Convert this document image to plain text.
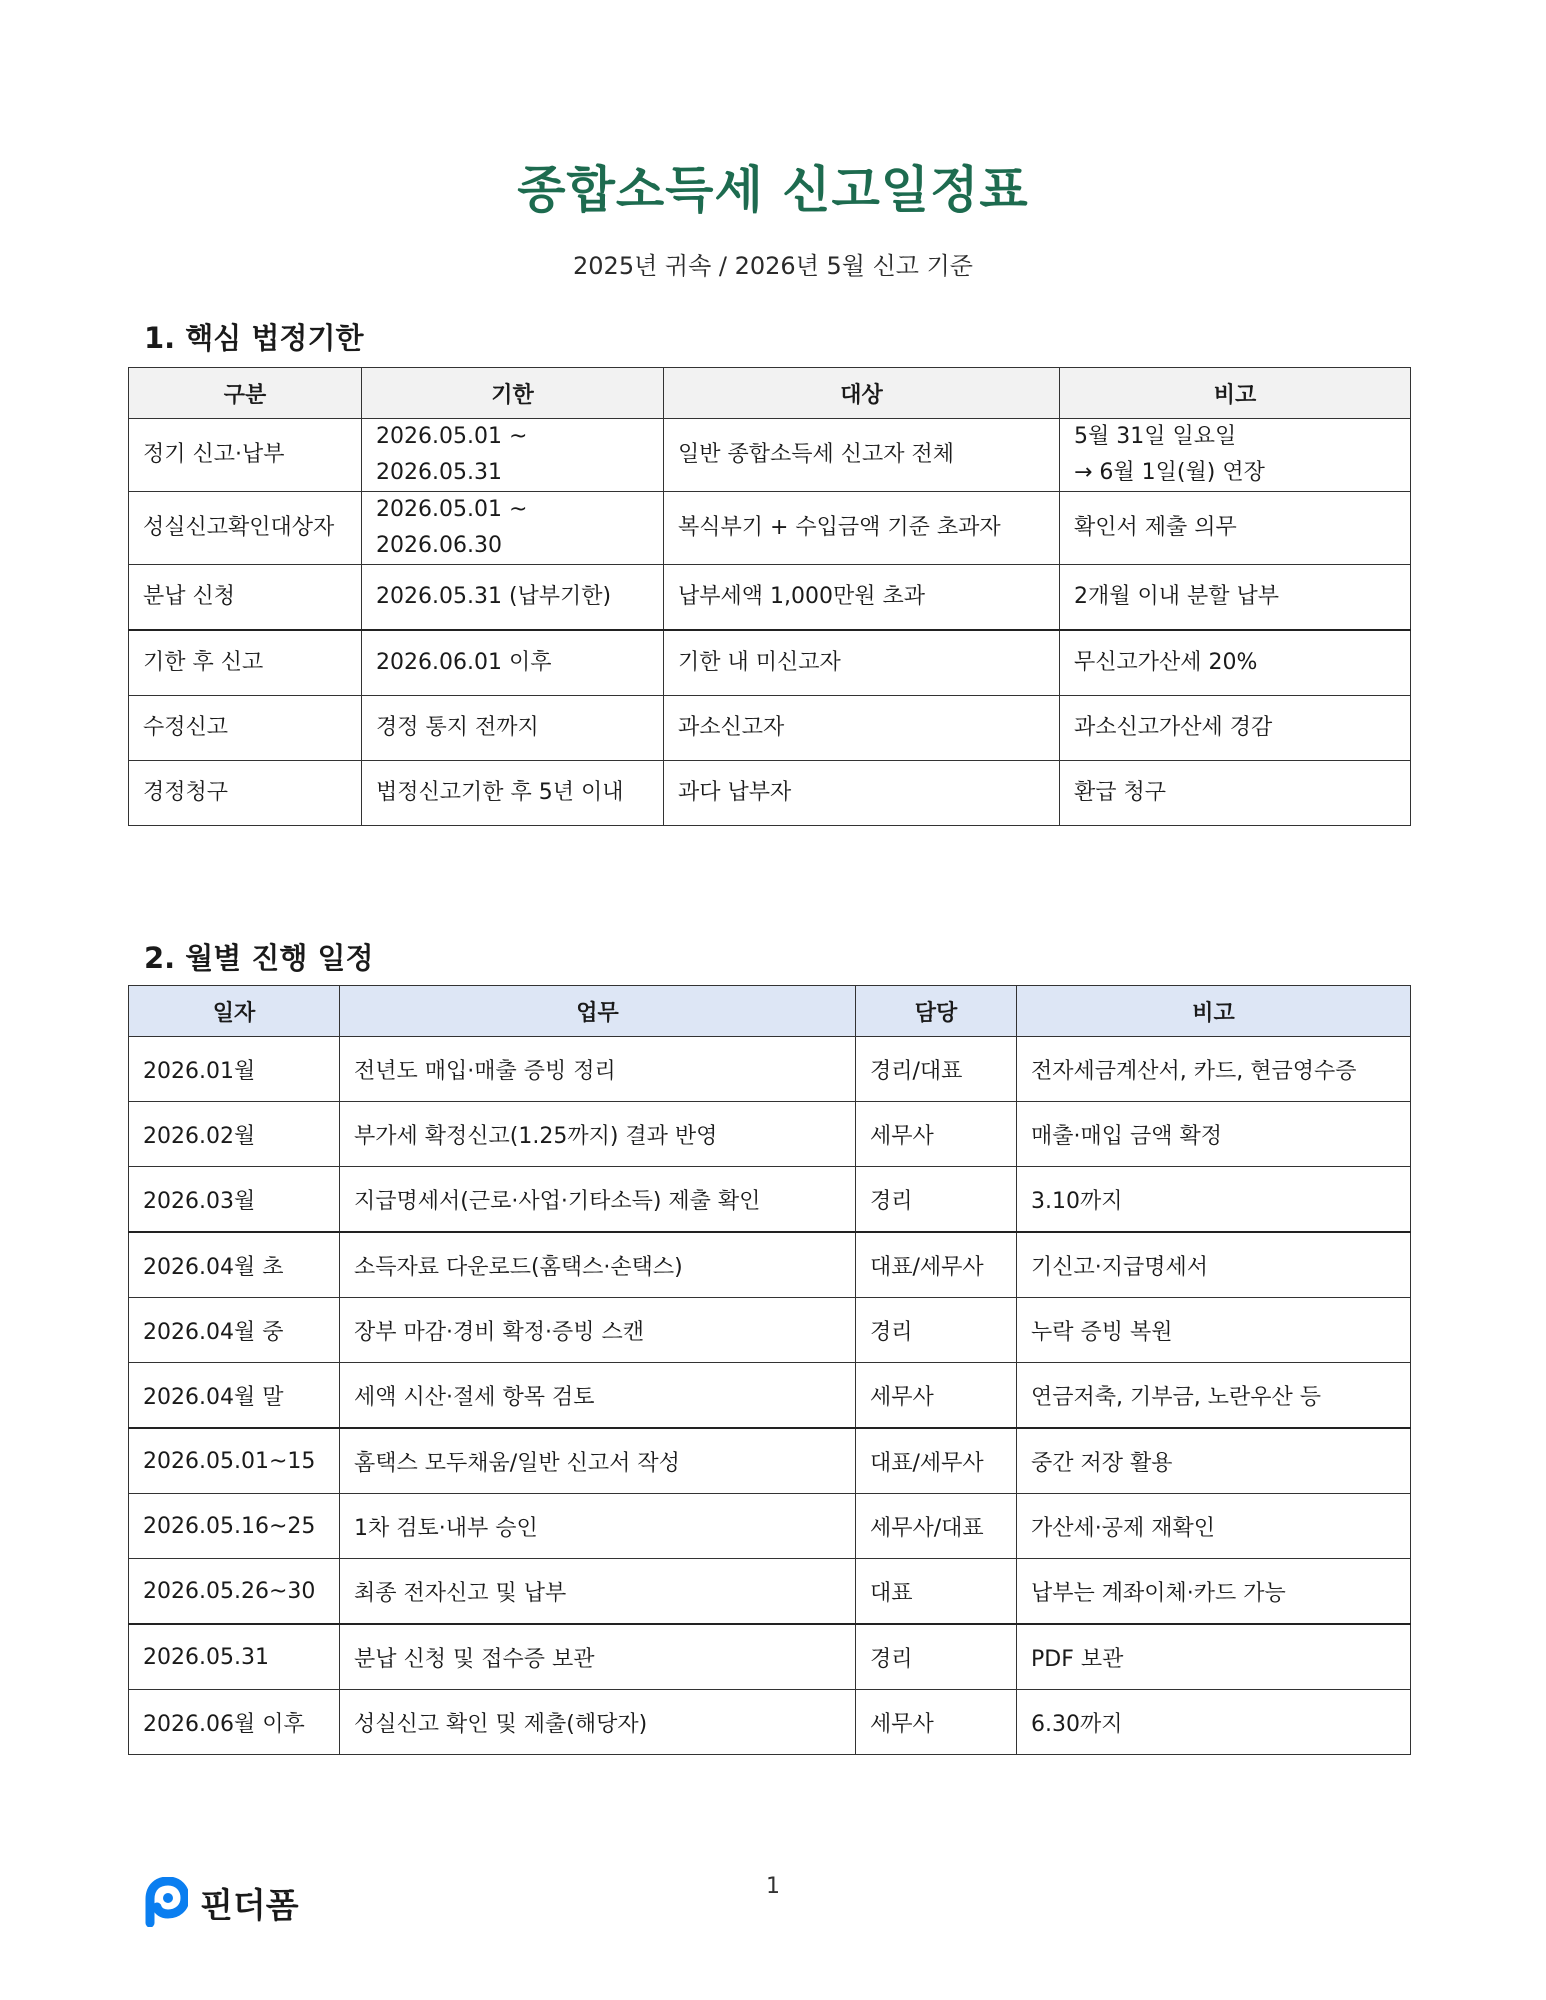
종합소득세 신고일정표
2025년 귀속 / 2026년 5월 신고 기준
1. 핵심 법정기한
구분	기한	대상	비고
정기 신고·납부	2026.05.01 ~ 2026.05.31	일반 종합소득세 신고자 전체	5월 31일 일요일
→ 6월 1일(월) 연장
성실신고확인대상자	2026.05.01 ~ 2026.06.30	복식부기 + 수입금액 기준 초과자	확인서 제출 의무
분납 신청	2026.05.31 (납부기한)	납부세액 1,000만원 초과	2개월 이내 분할 납부
기한 후 신고	2026.06.01 이후	기한 내 미신고자	무신고가산세 20%
수정신고	경정 통지 전까지	과소신고자	과소신고가산세 경감
경정청구	법정신고기한 후 5년 이내	과다 납부자	환급 청구
2. 월별 진행 일정
일자	업무	담당	비고
2026.01월	전년도 매입·매출 증빙 정리	경리/대표	전자세금계산서, 카드, 현금영수증
2026.02월	부가세 확정신고(1.25까지) 결과 반영	세무사	매출·매입 금액 확정
2026.03월	지급명세서(근로·사업·기타소득) 제출 확인	경리	3.10까지
2026.04월 초	소득자료 다운로드(홈택스·손택스)	대표/세무사	기신고·지급명세서
2026.04월 중	장부 마감·경비 확정·증빙 스캔	경리	누락 증빙 복원
2026.04월 말	세액 시산·절세 항목 검토	세무사	연금저축, 기부금, 노란우산 등
2026.05.01~15	홈택스 모두채움/일반 신고서 작성	대표/세무사	중간 저장 활용
2026.05.16~25	1차 검토·내부 승인	세무사/대표	가산세·공제 재확인
2026.05.26~30	최종 전자신고 및 납부	대표	납부는 계좌이체·카드 가능
2026.05.31	분납 신청 및 접수증 보관	경리	PDF 보관
2026.06월 이후	성실신고 확인 및 제출(해당자)	세무사	6.30까지
핀더폼	1
